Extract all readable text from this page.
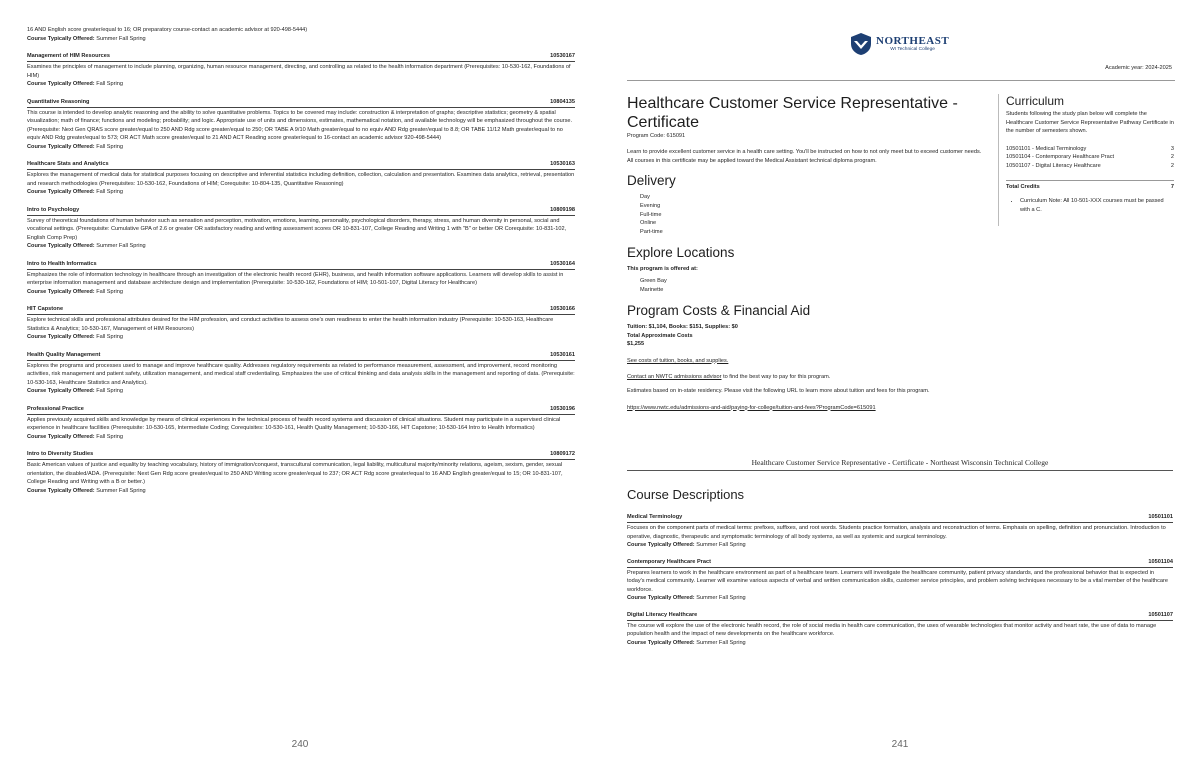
16 AND English score greater/equal to 16; OR preparatory course-contact an academic advisor at 920-498-5444)
Course Typically Offered: Summer Fall Spring
Management of HIM Resources	10530167
Examines the principles of management to include planning, organizing, human resource management, directing, and controlling as related to the health information department (Prerequisites: 10-530-162, Foundations of HIM)
Course Typically Offered: Fall Spring
Quantitative Reasoning	10804135
This course is intended to develop analytic reasoning and the ability to solve quantitative problems. Topics to be covered may include: construction & interpretation of graphs; descriptive statistics; geometry & spatial visualization; math of finance; functions and modeling; probability; and logic. Appropriate use of units and dimensions, estimates, mathematical notation, and available technology will be emphasized throughout the course. (Prerequisite: Next Gen QRAS score greater/equal to 250 AND Rdg score greater/equal to 250; OR TABE A 9/10 Math greater/equal to no equiv AND Rdg greater/equal to 8.8; OR TABE 11/12 Math greater/equal to no equiv AND Rdg greater/equal to 573; OR ACT Math score greater/equal to 21 AND ACT Reading score greater/equal to 16-contact an academic advisor 920-498-5444)
Course Typically Offered: Fall Spring
Healthcare Stats and Analytics	10530163
Explores the management of medical data for statistical purposes focusing on descriptive and inferential statistics including definition, collection, calculation and presentation. Examines data analytics, retrieval, presentation and research methodologies (Prerequisites: 10-530-162, Foundations of HIM; Corequisite: 10-804-135, Quantitative Reasoning)
Course Typically Offered: Fall Spring
Intro to Psychology	10809198
Survey of theoretical foundations of human behavior such as sensation and perception, motivation, emotions, learning, personality, psychological disorders, therapy, stress, and human diversity in personal, social and vocational settings. (Prerequisite: Cumulative GPA of 2.6 or greater OR satisfactory reading and writing assessment scores OR 10-831-107, College Reading and Writing 1 with "B" or better OR Corequisite: 10-831-102, English Comp Prep)
Course Typically Offered: Summer Fall Spring
Intro to Health Informatics	10530164
Emphasizes the role of information technology in healthcare through an investigation of the electronic health record (EHR), business, and health information software applications. Learners will develop skills to assist in enterprise information management and database architecture design and implementation (Prerequisite: 10-530-162, Foundations of HIM; 10-501-107, Digital Literacy for Healthcare)
Course Typically Offered: Fall Spring
HIT Capstone	10530166
Explore technical skills and professional attributes desired for the HIM profession, and conduct activities to assess one's own readiness to enter the health information industry (Prerequisite: 10-530-163, Healthcare Statistics & Analytics; 10-530-167, Management of HIM Resources)
Course Typically Offered: Fall Spring
Health Quality Management	10530161
Explores the programs and processes used to manage and improve healthcare quality. Addresses regulatory requirements as related to performance measurement, assessment, and improvement, record monitoring activities, risk management and patient safety, utilization management, and medical staff credentialing. Emphasizes the use of critical thinking and data analysis skills in the management and reporting of data. (Prerequisite: 10-530-163, Healthcare Statistics and Analytics).
Course Typically Offered: Fall Spring
Professional Practice	10530196
Applies previously acquired skills and knowledge by means of clinical experiences in the technical process of health record systems and discussion of clinical situations. Student may participate in a supervised clinical experience in healthcare facilities (Prerequisite: 10-530-165, Intermediate Coding; Corequisites: 10-530-161, Health Quality Management; 10-530-166, HIT Capstone; 10-530-164 Intro to Health Informatics)
Course Typically Offered: Fall Spring
Intro to Diversity Studies	10809172
Basic American values of justice and equality by teaching vocabulary, history of immigration/conquest, transcultural communication, legal liability, multicultural majority/minority relations, ageism, sexism, gender, sexual orientation, the disabled/ADA. (Prerequisite: Next Gen Rdg score greater/equal to 250 AND Writing score greater/equal to 237; OR ACT Rdg score greater/equal to 16 AND English greater/equal to 15; OR 10-831-107, College Reading and Writing with a B or better.)
Course Typically Offered: Summer Fall Spring
240
NORTHEAST
WI Technical College
Academic year: 2024-2025
Healthcare Customer Service Representative - Certificate
Program Code: 615091
Learn to provide excellent customer service in a health care setting. You'll be instructed on how to not only meet but to exceed customer needs. All courses in this certificate may be applied toward the Medical Assistant technical diploma program.
Delivery
Day
Evening
Full-time
Online
Part-time
Explore Locations
This program is offered at:
Green Bay
Marinette
Program Costs & Financial Aid
Tuition: $1,104, Books: $151, Supplies: $0
Total Approximate Costs
$1,255
See costs of tuition, books, and supplies.
Contact an NWTC admissions advisor to find the best way to pay for this program.
Estimates based on in-state residency. Please visit the following URL to learn more about tuition and fees for this program.
https://www.nwtc.edu/admissions-and-aid/paying-for-college/tuition-and-fees?ProgramCode=615091
Curriculum
Students following the study plan below will complete the Healthcare Customer Service Representative Pathway Certificate in the number of semesters shown.
10501101 - Medical Terminology	3
10501104 - Contemporary Healthcare Pract	2
10501107 - Digital Literacy Healthcare	2
Total Credits	7
• Curriculum Note: All 10-501-XXX courses must be passed with a C.
Healthcare Customer Service Representative - Certificate - Northeast Wisconsin Technical College
Course Descriptions
Medical Terminology	10501101
Focuses on the component parts of medical terms: prefixes, suffixes, and root words. Students practice formation, analysis and reconstruction of terms. Emphasis on spelling, definition and pronunciation. Introduction to operative, diagnostic, therapeutic and symptomatic terminology of all body systems, as well as systemic and surgical terminology.
Course Typically Offered: Summer Fall Spring
Contemporary Healthcare Pract	10501104
Prepares learners to work in the healthcare environment as part of a healthcare team. Learners will investigate the healthcare community, patient privacy standards, and the professional behavior that is expected in today's medical community. Learner will examine various aspects of verbal and written communication skills, customer service principles, and problem solving techniques necessary to be a vital member of the healthcare workforce.
Course Typically Offered: Summer Fall Spring
Digital Literacy Healthcare	10501107
The course will explore the use of the electronic health record, the role of social media in health care communication, the uses of wearable technologies that monitor activity and heart rate, the use of data to manage population health and the impact of new developments on the healthcare workforce.
Course Typically Offered: Summer Fall Spring
241
